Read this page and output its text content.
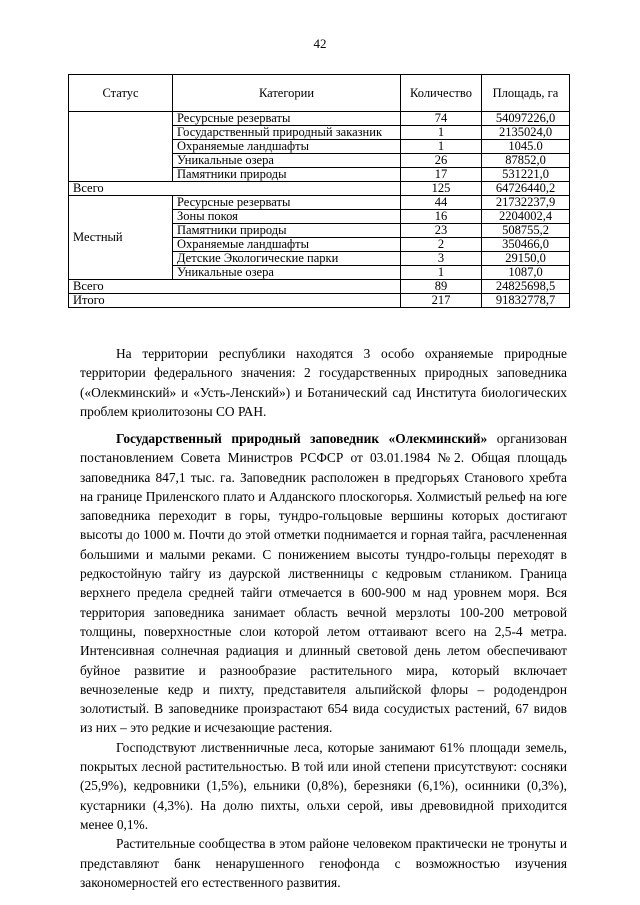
42
Статус	Категории	Количество	Площадь, га
	Ресурсные резерваты	74	54097226,0
	Государственный природный заказник	1	2135024,0
	Охраняемые ландшафты	1	1045.0
	Уникальные озера	26	87852,0
	Памятники природы	17	531221,0
Всего		125	64726440,2
Местный	Ресурсные резерваты	44	21732237,9
	Зоны покоя	16	2204002,4
	Памятники природы	23	508755,2
	Охраняемые ландшафты	2	350466,0
	Детские Экологические парки	3	29150,0
	Уникальные озера	1	1087,0
Всего		89	24825698,5
Итого		217	91832778,7

На территории республики находятся 3 особо охраняемые природные территории федерального значения: 2 государственных природных заповедника («Олекминский» и «Усть-Ленский») и Ботанический сад Института биологических проблем криолитозоны СО РАН.

Государственный природный заповедник «Олекминский» организован постановлением Совета Министров РСФСР от 03.01.1984 №2. Общая площадь заповедника 847,1 тыс. га. Заповедник расположен в предгорьях Станового хребта на границе Приленского плато и Алданского плоскогорья. Холмистый рельеф на юге заповедника переходит в горы, тундро-гольцовые вершины которых достигают высоты до 1000 м. Почти до этой отметки поднимается и горная тайга, расчлененная большими и малыми реками. С понижением высоты тундро-гольцы переходят в редкостойную тайгу из даурской лиственницы с кедровым стлаником. Граница верхнего предела средней тайги отмечается в 600-900 м над уровнем моря. Вся территория заповедника занимает область вечной мерзлоты 100-200 метровой толщины, поверхностные слои которой летом оттаивают всего на 2,5-4 метра. Интенсивная солнечная радиация и длинный световой день летом обеспечивают буйное развитие и разнообразие растительного мира, который включает вечнозеленые кедр и пихту, представителя альпийской флоры – рододендрон золотистый. В заповеднике произрастают 654 вида сосудистых растений, 67 видов из них – это редкие и исчезающие растения.

Господствуют лиственничные леса, которые занимают 61% площади земель, покрытых лесной растительностью. В той или иной степени присутствуют: сосняки (25,9%), кедровники (1,5%), ельники (0,8%), березняки (6,1%), осинники (0,3%), кустарники (4,3%). На долю пихты, ольхи серой, ивы древовидной приходится менее 0,1%.

Растительные сообщества в этом районе человеком практически не тронуты и представляют банк ненарушенного генофонда с возможностью изучения закономерностей его естественного развития.
